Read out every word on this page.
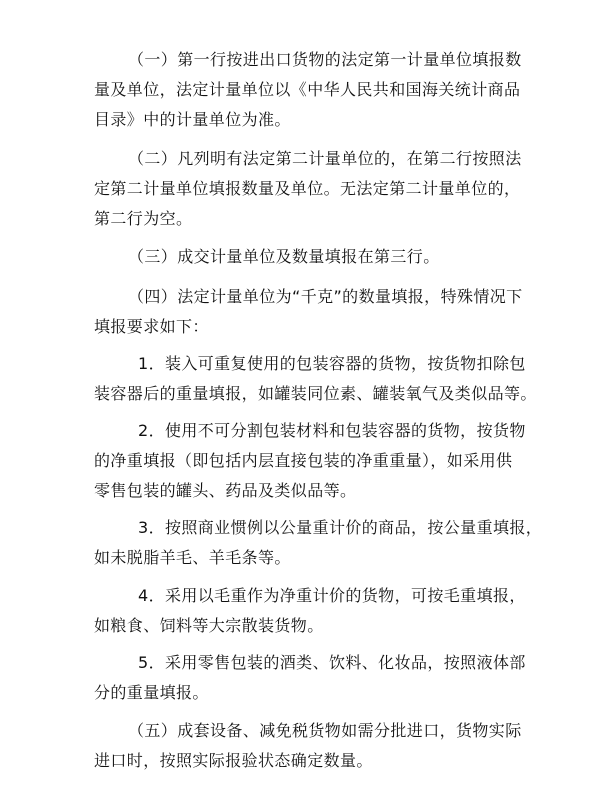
（一）第一行按进出口货物的法定第一计量单位填报数
量及单位，法定计量单位以《中华人民共和国海关统计商品
目录》中的计量单位为准。
（二）凡列明有法定第二计量单位的，在第二行按照法
定第二计量单位填报数量及单位。无法定第二计量单位的，
第二行为空。
（三）成交计量单位及数量填报在第三行。
（四）法定计量单位为“千克”的数量填报，特殊情况下
填报要求如下：
1．装入可重复使用的包装容器的货物，按货物扣除包
装容器后的重量填报，如罐装同位素、罐装氧气及类似品等。
2．使用不可分割包装材料和包装容器的货物，按货物
的净重填报（即包括内层直接包装的净重重量），如采用供
零售包装的罐头、药品及类似品等。
3．按照商业惯例以公量重计价的商品，按公量重填报，
如未脱脂羊毛、羊毛条等。
4．采用以毛重作为净重计价的货物，可按毛重填报，
如粮食、饲料等大宗散装货物。
5．采用零售包装的酒类、饮料、化妆品，按照液体部
分的重量填报。
（五）成套设备、减免税货物如需分批进口，货物实际
进口时，按照实际报验状态确定数量。
